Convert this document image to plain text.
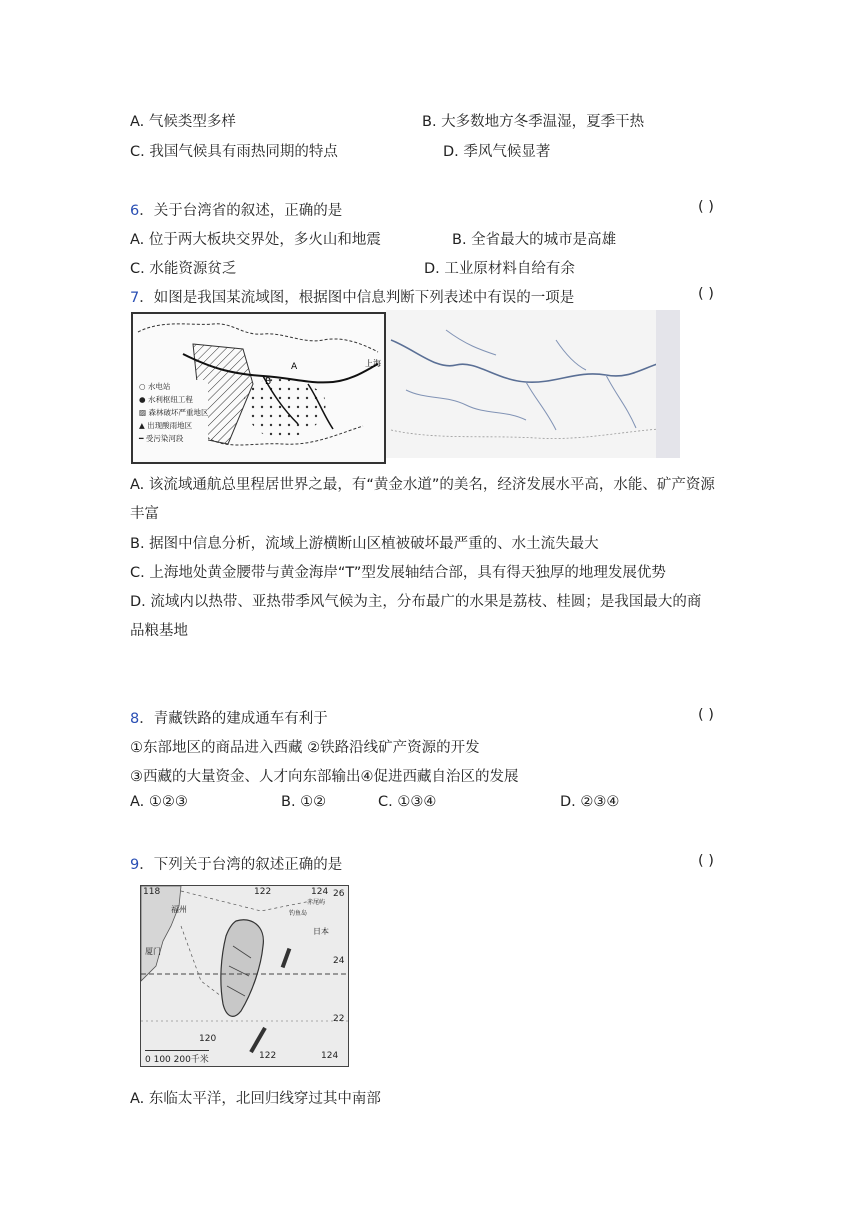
A. 气候类型多样	B. 大多数地方冬季温湿，夏季干热
C. 我国气候具有雨热同期的特点	D. 季风气候显著
6．关于台湾省的叙述，正确的是	( )
A. 位于两大板块交界处，多火山和地震	B. 全省最大的城市是高雄
C. 水能资源贫乏	D. 工业原材料自给有余
7．如图是我国某流域图，根据图中信息判断下列表述中有误的一项是	( )
A
B
上海
○ 水电站
● 水利枢纽工程
▨ 森林破坏严重地区
▲ 出现酸雨地区
━ 受污染河段
A. 该流域通航总里程居世界之最，有“黄金水道”的美名，经济发展水平高，水能、矿产资源
丰富
B. 据图中信息分析，流域上游横断山区植被破坏最严重的、水土流失最大
C. 上海地处黄金腰带与黄金海岸“T”型发展轴结合部，具有得天独厚的地理发展优势
D. 流域内以热带、亚热带季风气候为主，分布最广的水果是荔枝、桂圆；是我国最大的商
品粮基地
8．青藏铁路的建成通车有利于	( )
①东部地区的商品进入西藏 ②铁路沿线矿产资源的开发
③西藏的大量资金、人才向东部输出④促进西藏自治区的发展
A. ①②③	B. ①②	C. ①③④	D. ②③④
9．下列关于台湾的叙述正确的是	( )
118	122	124 26
24
22
120
122	124
福州
厦门
日本
钓鱼岛
赤尾屿
0 100 200千米
A. 东临太平洋，北回归线穿过其中南部
